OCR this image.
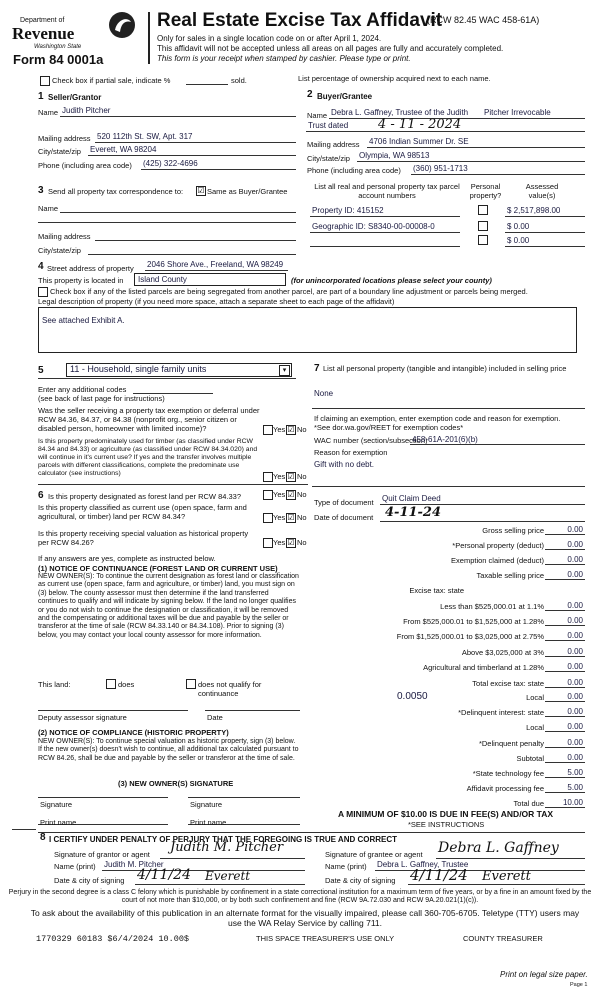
Department of
Revenue
Washington State
Form 84 0001a
Real Estate Excise Tax Affidavit
(RCW 82.45 WAC 458-61A)
Only for sales in a single location code on or after April 1, 2024.
This affidavit will not be accepted unless all areas on all pages are fully and accurately completed.
This form is your receipt when stamped by cashier. Please type or print.
Check box if partial sale, indicate %	sold.	List percentage of ownership acquired next to each name.
1 Seller/Grantor
Name Judith Pitcher
Mailing address 520 112th St. SW, Apt. 317
City/state/zip Everett, WA 98204
Phone (including area code) (425) 322-4696
2 Buyer/Grantee
Name Debra L. Gaffney, Trustee of the Judith Pitcher Irrevocable
Trust dated 4 - 11 - 2024
Mailing address 4706 Indian Summer Dr. SE
City/state/zip Olympia, WA 98513
Phone (including area code) (360) 951-1713
3 Send all property tax correspondence to: ☑ Same as Buyer/Grantee
Name
Mailing address
City/state/zip
List all real and personal property tax parcel account numbers
Personal property?
Assessed value(s)
Property ID: 415152	$ 2,517,898.00
Geographic ID: S8340-00-00008-0	$ 0.00
$ 0.00
4 Street address of property 2046 Shore Ave., Freeland, WA 98249
This property is located in Island County	(for unincorporated locations please select your county)
Check box if any of the listed parcels are being segregated from another parcel, are part of a boundary line adjustment or parcels being merged.
Legal description of property (if you need more space, attach a separate sheet to each page of the affidavit)
See attached Exhibit A.
5	11 - Household, single family units	▾
Enter any additional codes
(see back of last page for instructions)
Was the seller receiving a property tax exemption or deferral under RCW 84.36, 84.37, or 84.38 (nonprofit org., senior citizen or disabled person, homeowner with limited income)?	Yes ☑ No
Is this property predominately used for timber (as classified under RCW 84.34 and 84.33) or agriculture (as classified under RCW 84.34.020) and will continue in it's current use? If yes and the transfer involves multiple parcels with different classifications, complete the predominate use calculator (see instructions)	Yes ☑ No
6 Is this property designated as forest land per RCW 84.33?	Yes ☑ No
Is this property classified as current use (open space, farm and agricultural, or timber) land per RCW 84.34?	Yes ☑ No
Is this property receiving special valuation as historical property per RCW 84.26?	Yes ☑ No
If any answers are yes, complete as instructed below.
(1) NOTICE OF CONTINUANCE (FOREST LAND OR CURRENT USE)
NEW OWNER(S): To continue the current designation as forest land or classification as current use (open space, farm and agriculture, or timber) land, you must sign on (3) below. The county assessor must then determine if the land transferred continues to qualify and will indicate by signing below. If the land no longer qualifies or you do not wish to continue the designation or classification, it will be removed and the compensating or additional taxes will be due and payable by the seller or transferor at the time of sale (RCW 84.33.140 or 84.34.108). Prior to signing (3) below, you may contact your local county assessor for more information.
This land:	does	does not qualify for continuance
Deputy assessor signature	Date
(2) NOTICE OF COMPLIANCE (HISTORIC PROPERTY)
NEW OWNER(S): To continue special valuation as historic property, sign (3) below. If the new owner(s) doesn't wish to continue, all additional tax calculated pursuant to RCW 84.26, shall be due and payable by the seller or transferor at the time of sale.
(3) NEW OWNER(S) SIGNATURE
Signature	Signature
Print name	Print name
7 List all personal property (tangible and intangible) included in selling price
None
If claiming an exemption, enter exemption code and reason for exemption. *See dor.wa.gov/REET for exemption codes*
WAC number (section/subsection)
458-61A-201(6)(b)
Reason for exemption
Gift with no debt.
Type of document Quit Claim Deed
Date of document 4-11-24
Gross selling price	0.00
*Personal property (deduct)	0.00
Exemption claimed (deduct)	0.00
Taxable selling price	0.00
Excise tax: state
Less than $525,000.01 at 1.1%	0.00
From $525,000.01 to $1,525,000 at 1.28%	0.00
From $1,525,000.01 to $3,025,000 at 2.75%	0.00
Above $3,025,000 at 3%	0.00
Agricultural and timberland at 1.28%	0.00
Total excise tax: state	0.00
0.0050	Local	0.00
*Delinquent interest: state	0.00
Local	0.00
*Delinquent penalty	0.00
Subtotal	0.00
*State technology fee	5.00
Affidavit processing fee	5.00
Total due	10.00
A MINIMUM OF $10.00 IS DUE IN FEE(S) AND/OR TAX
*SEE INSTRUCTIONS
8 I CERTIFY UNDER PENALTY OF PERJURY THAT THE FOREGOING IS TRUE AND CORRECT
Signature of grantor or agent Judith M. Pitcher
Name (print) Judith M. Pitcher
Date & city of signing 4/11/24 Everett
Signature of grantee or agent Debra L. Gaffney
Name (print) Debra L. Gaffney, Trustee
Date & city of signing 4/11/24 Everett
Perjury in the second degree is a class C felony which is punishable by confinement in a state correctional institution for a maximum term of five years, or by a fine in an amount fixed by the court of not more than $10,000, or by both such confinement and fine (RCW 9A.72.030 and RCW 9A.20.021(1)(c)).
To ask about the availability of this publication in an alternate format for the visually impaired, please call 360-705-6705. Teletype (TTY) users may use the WA Relay Service by calling 711.
1770329 60183 $6/4/2024 10.00$	THIS SPACE TREASURER'S USE ONLY	COUNTY TREASURER
Print on legal size paper.
Page 1
